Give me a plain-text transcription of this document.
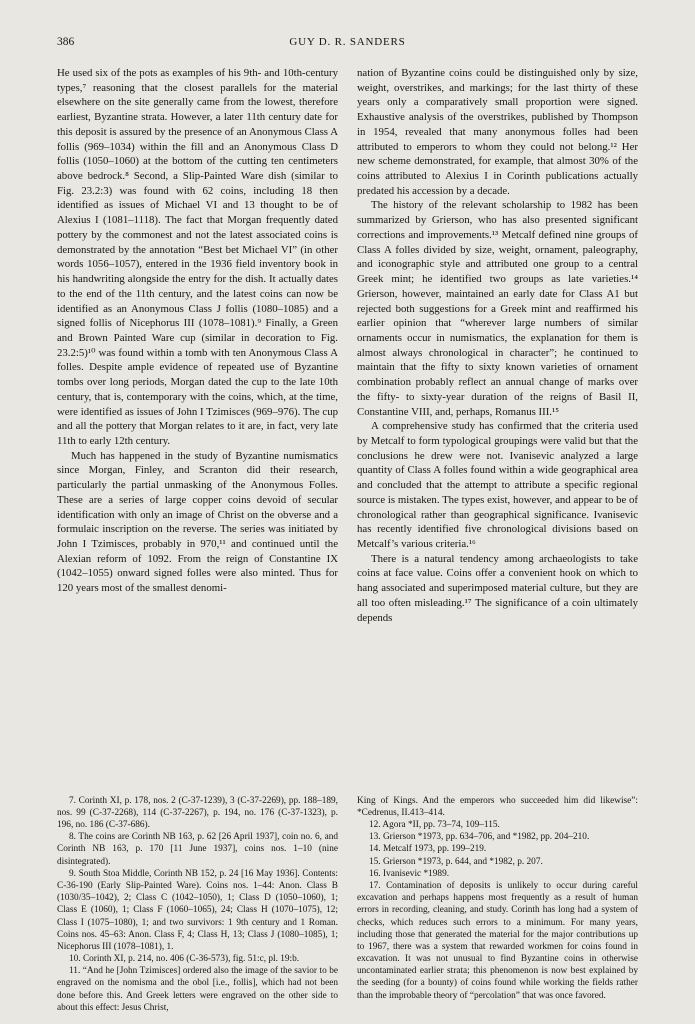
386	GUY D. R. SANDERS

He used six of the pots as examples of his 9th- and 10th-century types,⁷ reasoning that the closest parallels for the material elsewhere on the site generally came from the lowest, therefore earliest, Byzantine strata. However, a later 11th century date for this deposit is assured by the presence of an Anonymous Class A follis (969–1034) within the fill and an Anonymous Class D follis (1050–1060) at the bottom of the cutting ten centimeters above bedrock.⁸ Second, a Slip-Painted Ware dish (similar to Fig. 23.2:3) was found with 62 coins, including 18 then identified as issues of Michael VI and 13 thought to be of Alexius I (1081–1118). The fact that Morgan frequently dated pottery by the commonest and not the latest associated coins is demonstrated by the annotation “Best bet Michael VI” (in other words 1056–1057), entered in the 1936 field inventory book in his handwriting alongside the entry for the dish. It actually dates to the end of the 11th century, and the latest coins can now be identified as an Anonymous Class J follis (1080–1085) and a signed follis of Nicephorus III (1078–1081).⁹ Finally, a Green and Brown Painted Ware cup (similar in decoration to Fig. 23.2:5)¹⁰ was found within a tomb with ten Anonymous Class A folles. Despite ample evidence of repeated use of Byzantine tombs over long periods, Morgan dated the cup to the late 10th century, that is, contemporary with the coins, which, at the time, were identified as issues of John I Tzimisces (969–976). The cup and all the pottery that Morgan relates to it are, in fact, very late 11th to early 12th century.

Much has happened in the study of Byzantine numismatics since Morgan, Finley, and Scranton did their research, particularly the partial unmasking of the Anonymous Folles. These are a series of large copper coins devoid of secular identification with only an image of Christ on the obverse and a formulaic inscription on the reverse. The series was initiated by John I Tzimisces, probably in 970,¹¹ and continued until the Alexian reform of 1092. From the reign of Constantine IX (1042–1055) onward signed folles were also minted. Thus for 120 years most of the smallest denomi-

nation of Byzantine coins could be distinguished only by size, weight, overstrikes, and markings; for the last thirty of these years only a comparatively small proportion were signed. Exhaustive analysis of the overstrikes, published by Thompson in 1954, revealed that many anonymous folles had been attributed to emperors to whom they could not belong.¹² Her new scheme demonstrated, for example, that almost 30% of the coins attributed to Alexius I in Corinth publications actually predated his accession by a decade.

The history of the relevant scholarship to 1982 has been summarized by Grierson, who has also presented significant corrections and improvements.¹³ Metcalf defined nine groups of Class A folles divided by size, weight, ornament, paleography, and iconographic style and attributed one group to a central Greek mint; he identified two groups as late varieties.¹⁴ Grierson, however, maintained an early date for Class A1 but rejected both suggestions for a Greek mint and reaffirmed his earlier opinion that “wherever large numbers of similar ornaments occur in numismatics, the explanation for them is almost always chronological in character”; he continued to maintain that the fifty to sixty known varieties of ornament combination probably reflect an annual change of marks over the fifty- to sixty-year duration of the reigns of Basil II, Constantine VIII, and, perhaps, Romanus III.¹⁵

A comprehensive study has confirmed that the criteria used by Metcalf to form typological groupings were valid but that the conclusions he drew were not. Ivanisevic analyzed a large quantity of Class A folles found within a wide geographical area and concluded that the attempt to attribute a specific regional source is mistaken. The types exist, however, and appear to be of chronological rather than geographical significance. Ivanisevic has recently identified five chronological divisions based on Metcalf’s various criteria.¹⁶

There is a natural tendency among archaeologists to take coins at face value. Coins offer a convenient hook on which to hang associated and superimposed material culture, but they are all too often misleading.¹⁷ The significance of a coin ultimately depends

7. Corinth XI, p. 178, nos. 2 (C-37-1239), 3 (C-37-2269), pp. 188–189, nos. 99 (C-37-2268), 114 (C-37-2267), p. 194, no. 176 (C-37-1323), p. 196, no. 186 (C-37-686).

8. The coins are Corinth NB 163, p. 62 [26 April 1937], coin no. 6, and Corinth NB 163, p. 170 [11 June 1937], coins nos. 1–10 (nine disintegrated).

9. South Stoa Middle, Corinth NB 152, p. 24 [16 May 1936]. Contents: C-36-190 (Early Slip-Painted Ware). Coins nos. 1–44: Anon. Class B (1030/35–1042), 2; Class C (1042–1050), 1; Class D (1050–1060), 1; Class E (1060), 1; Class F (1060–1065), 24; Class H (1070–1075), 12; Class I (1075–1080), 1; and two survivors: 1 9th century and 1 Roman. Coins nos. 45–63: Anon. Class F, 4; Class H, 13; Class J (1080–1085), 1; Nicephorus III (1078–1081), 1.

10. Corinth XI, p. 214, no. 406 (C-36-573), fig. 51:c, pl. 19:b.

11. “And he [John Tzimisces] ordered also the image of the savior to be engraved on the nomisma and the obol [i.e., follis], which had not been done before this. And Greek letters were engraved on the other side to about this effect: Jesus Christ,

King of Kings. And the emperors who succeeded him did likewise”: *Cedrenus, II.413–414.

12. Agora *II, pp. 73–74, 109–115.

13. Grierson *1973, pp. 634–706, and *1982, pp. 204–210.

14. Metcalf 1973, pp. 199–219.

15. Grierson *1973, p. 644, and *1982, p. 207.

16. Ivanisevic *1989.

17. Contamination of deposits is unlikely to occur during careful excavation and perhaps happens most frequently as a result of human errors in recording, cleaning, and study. Corinth has long had a system of checks, which reduces such errors to a minimum. For many years, including those that generated the material for the major contributions up to 1967, there was a system that rewarded workmen for coins found in excavation. It was not unusual to find Byzantine coins in otherwise uncontaminated earlier strata; this phenomenon is now best explained by the seeding (for a bounty) of coins found while working the fields rather than the improbable theory of “percolation” that was once favored.
